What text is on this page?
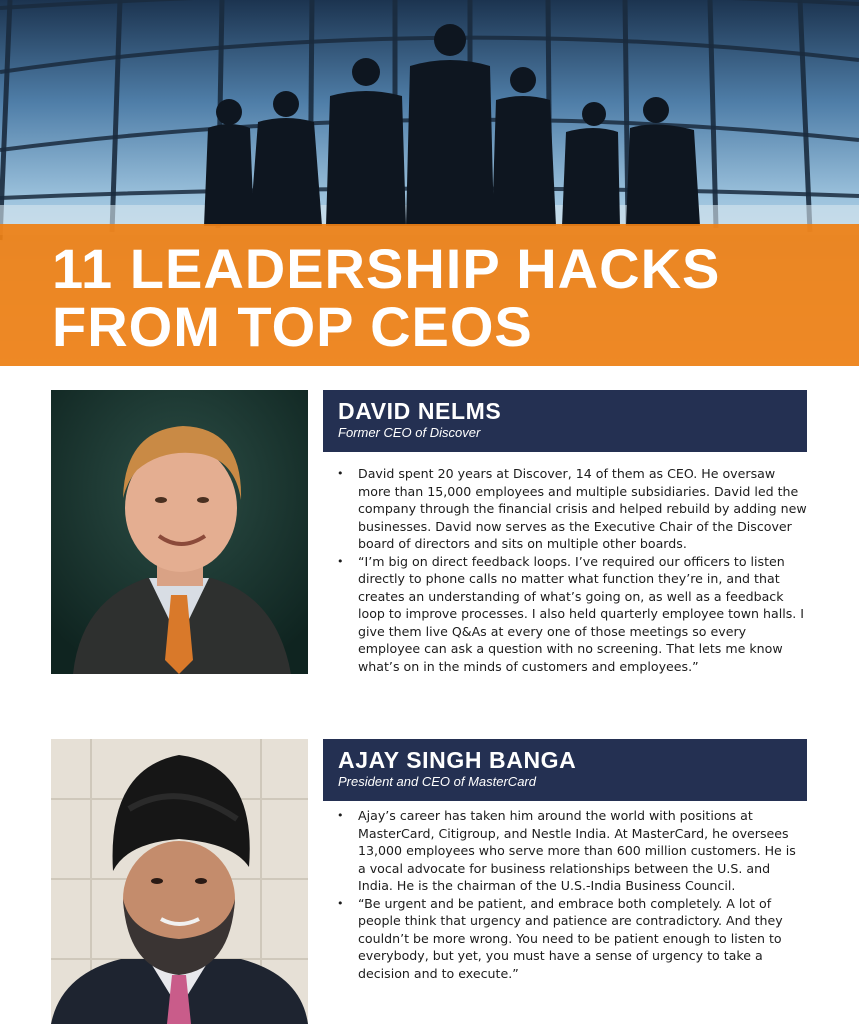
11 LEADERSHIP HACKS
FROM TOP CEOS
DAVID NELMS
Former CEO of Discover
• David spent 20 years at Discover, 14 of them as CEO. He oversaw more than 15,000 employees and multiple subsidiaries. David led the company through the financial crisis and helped rebuild by adding new businesses. David now serves as the Executive Chair of the Discover board of directors and sits on multiple other boards.
• “I’m big on direct feedback loops. I’ve required our officers to listen directly to phone calls no matter what function they’re in, and that creates an understanding of what’s going on, as well as a feedback loop to improve processes. I also held quarterly employee town halls. I give them live Q&As at every one of those meetings so every employee can ask a question with no screening. That lets me know what’s on in the minds of customers and employees.”
AJAY SINGH BANGA
President and CEO of MasterCard
• Ajay’s career has taken him around the world with positions at MasterCard, Citigroup, and Nestle India. At MasterCard, he oversees 13,000 employees who serve more than 600 million customers. He is a vocal advocate for business relationships between the U.S. and India. He is the chairman of the U.S.-India Business Council.
• “Be urgent and be patient, and embrace both completely. A lot of people think that urgency and patience are contradictory. And they couldn’t be more wrong. You need to be patient enough to listen to everybody, but yet, you must have a sense of urgency to take a decision and to execute.”
